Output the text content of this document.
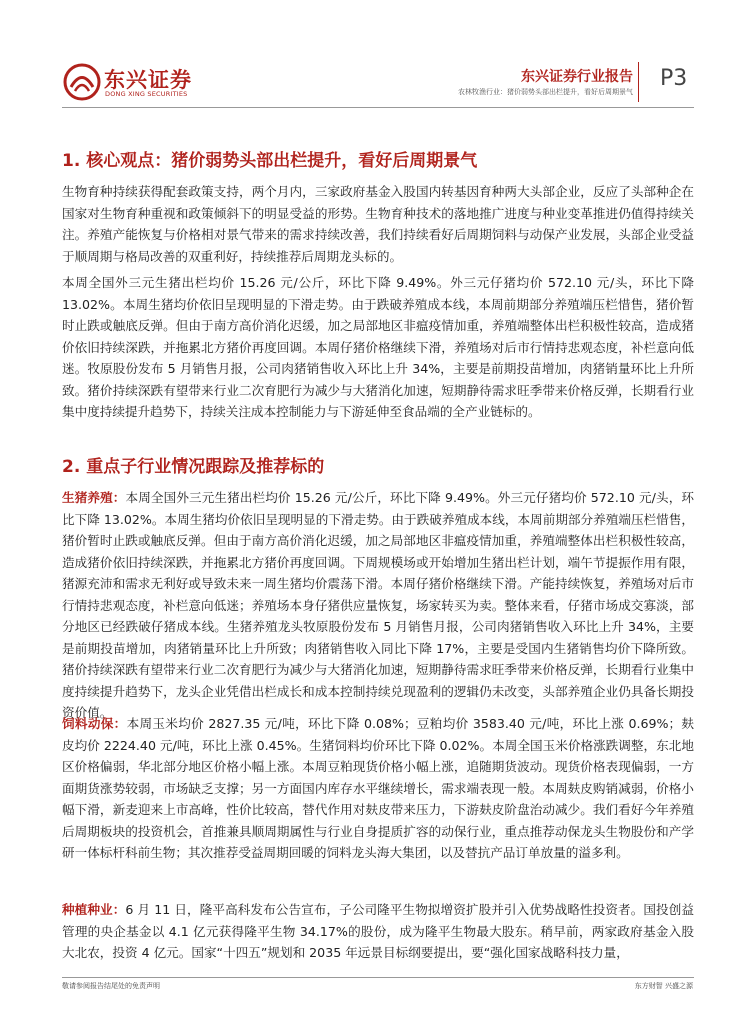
东兴证券
DONG XING SECURITIES
东兴证券行业报告
农林牧渔行业：猪价弱势头部出栏提升，看好后周期景气
P3
1. 核心观点：猪价弱势头部出栏提升，看好后周期景气

生物育种持续获得配套政策支持，两个月内，三家政府基金入股国内转基因育种两大头部企业，反应了头部种企在国家对生物育种重视和政策倾斜下的明显受益的形势。生物育种技术的落地推广进度与种业变革推进仍值得持续关注。养殖产能恢复与价格相对景气带来的需求持续改善，我们持续看好后周期饲料与动保产业发展，头部企业受益于顺周期与格局改善的双重利好，持续推荐后周期龙头标的。

本周全国外三元生猪出栏均价 15.26 元/公斤，环比下降 9.49%。外三元仔猪均价 572.10 元/头，环比下降 13.02%。本周生猪均价依旧呈现明显的下滑走势。由于跌破养殖成本线，本周前期部分养殖端压栏惜售，猪价暂时止跌或触底反弹。但由于南方高价消化迟缓，加之局部地区非瘟疫情加重，养殖端整体出栏积极性较高，造成猪价依旧持续深跌，并拖累北方猪价再度回调。本周仔猪价格继续下滑，养殖场对后市行情持悲观态度，补栏意向低迷。牧原股份发布 5 月销售月报，公司肉猪销售收入环比上升 34%，主要是前期投苗增加，肉猪销量环比上升所致。猪价持续深跌有望带来行业二次育肥行为减少与大猪消化加速，短期静待需求旺季带来价格反弹，长期看行业集中度持续提升趋势下，持续关注成本控制能力与下游延伸至食品端的全产业链标的。

2. 重点子行业情况跟踪及推荐标的

生猪养殖：本周全国外三元生猪出栏均价 15.26 元/公斤，环比下降 9.49%。外三元仔猪均价 572.10 元/头，环比下降 13.02%。本周生猪均价依旧呈现明显的下滑走势。由于跌破养殖成本线，本周前期部分养殖端压栏惜售，猪价暂时止跌或触底反弹。但由于南方高价消化迟缓，加之局部地区非瘟疫情加重，养殖端整体出栏积极性较高，造成猪价依旧持续深跌，并拖累北方猪价再度回调。下周规模场或开始增加生猪出栏计划，端午节提振作用有限，猪源充沛和需求无利好或导致未来一周生猪均价震荡下滑。本周仔猪价格继续下滑。产能持续恢复，养殖场对后市行情持悲观态度，补栏意向低迷；养殖场本身仔猪供应量恢复，场家转买为卖。整体来看，仔猪市场成交寡淡，部分地区已经跌破仔猪成本线。生猪养殖龙头牧原股份发布 5 月销售月报，公司肉猪销售收入环比上升 34%，主要是前期投苗增加，肉猪销量环比上升所致；肉猪销售收入同比下降 17%，主要是受国内生猪销售均价下降所致。猪价持续深跌有望带来行业二次育肥行为减少与大猪消化加速，短期静待需求旺季带来价格反弹，长期看行业集中度持续提升趋势下，龙头企业凭借出栏成长和成本控制持续兑现盈利的逻辑仍未改变，头部养殖企业仍具备长期投资价值。

饲料动保：本周玉米均价 2827.35 元/吨，环比下降 0.08%；豆粕均价 3583.40 元/吨，环比上涨 0.69%；麸皮均价 2224.40 元/吨，环比上涨 0.45%。生猪饲料均价环比下降 0.02%。本周全国玉米价格涨跌调整，东北地区价格偏弱，华北部分地区价格小幅上涨。本周豆粕现货价格小幅上涨，追随期货波动。现货价格表现偏弱，一方面期货涨势较弱，市场缺乏支撑；另一方面国内库存水平继续增长，需求端表现一般。本周麸皮购销减弱，价格小幅下滑，新麦迎来上市高峰，性价比较高，替代作用对麸皮带来压力，下游麸皮阶盘治动减少。我们看好今年养殖后周期板块的投资机会，首推兼具顺周期属性与行业自身提质扩容的动保行业，重点推荐动保龙头生物股份和产学研一体标杆科前生物；其次推荐受益周期回暖的饲料龙头海大集团，以及替抗产品订单放量的溢多利。

种植种业：6 月 11 日，隆平高科发布公告宣布，子公司隆平生物拟增资扩股并引入优势战略性投资者。国投创益管理的央企基金以 4.1 亿元获得隆平生物 34.17%的股份，成为隆平生物最大股东。稍早前，两家政府基金入股大北农，投资 4 亿元。国家“十四五”规划和 2035 年远景目标纲要提出，要“强化国家战略科技力量，

敬请参阅报告结尾处的免责声明	东方财智 兴盛之源
